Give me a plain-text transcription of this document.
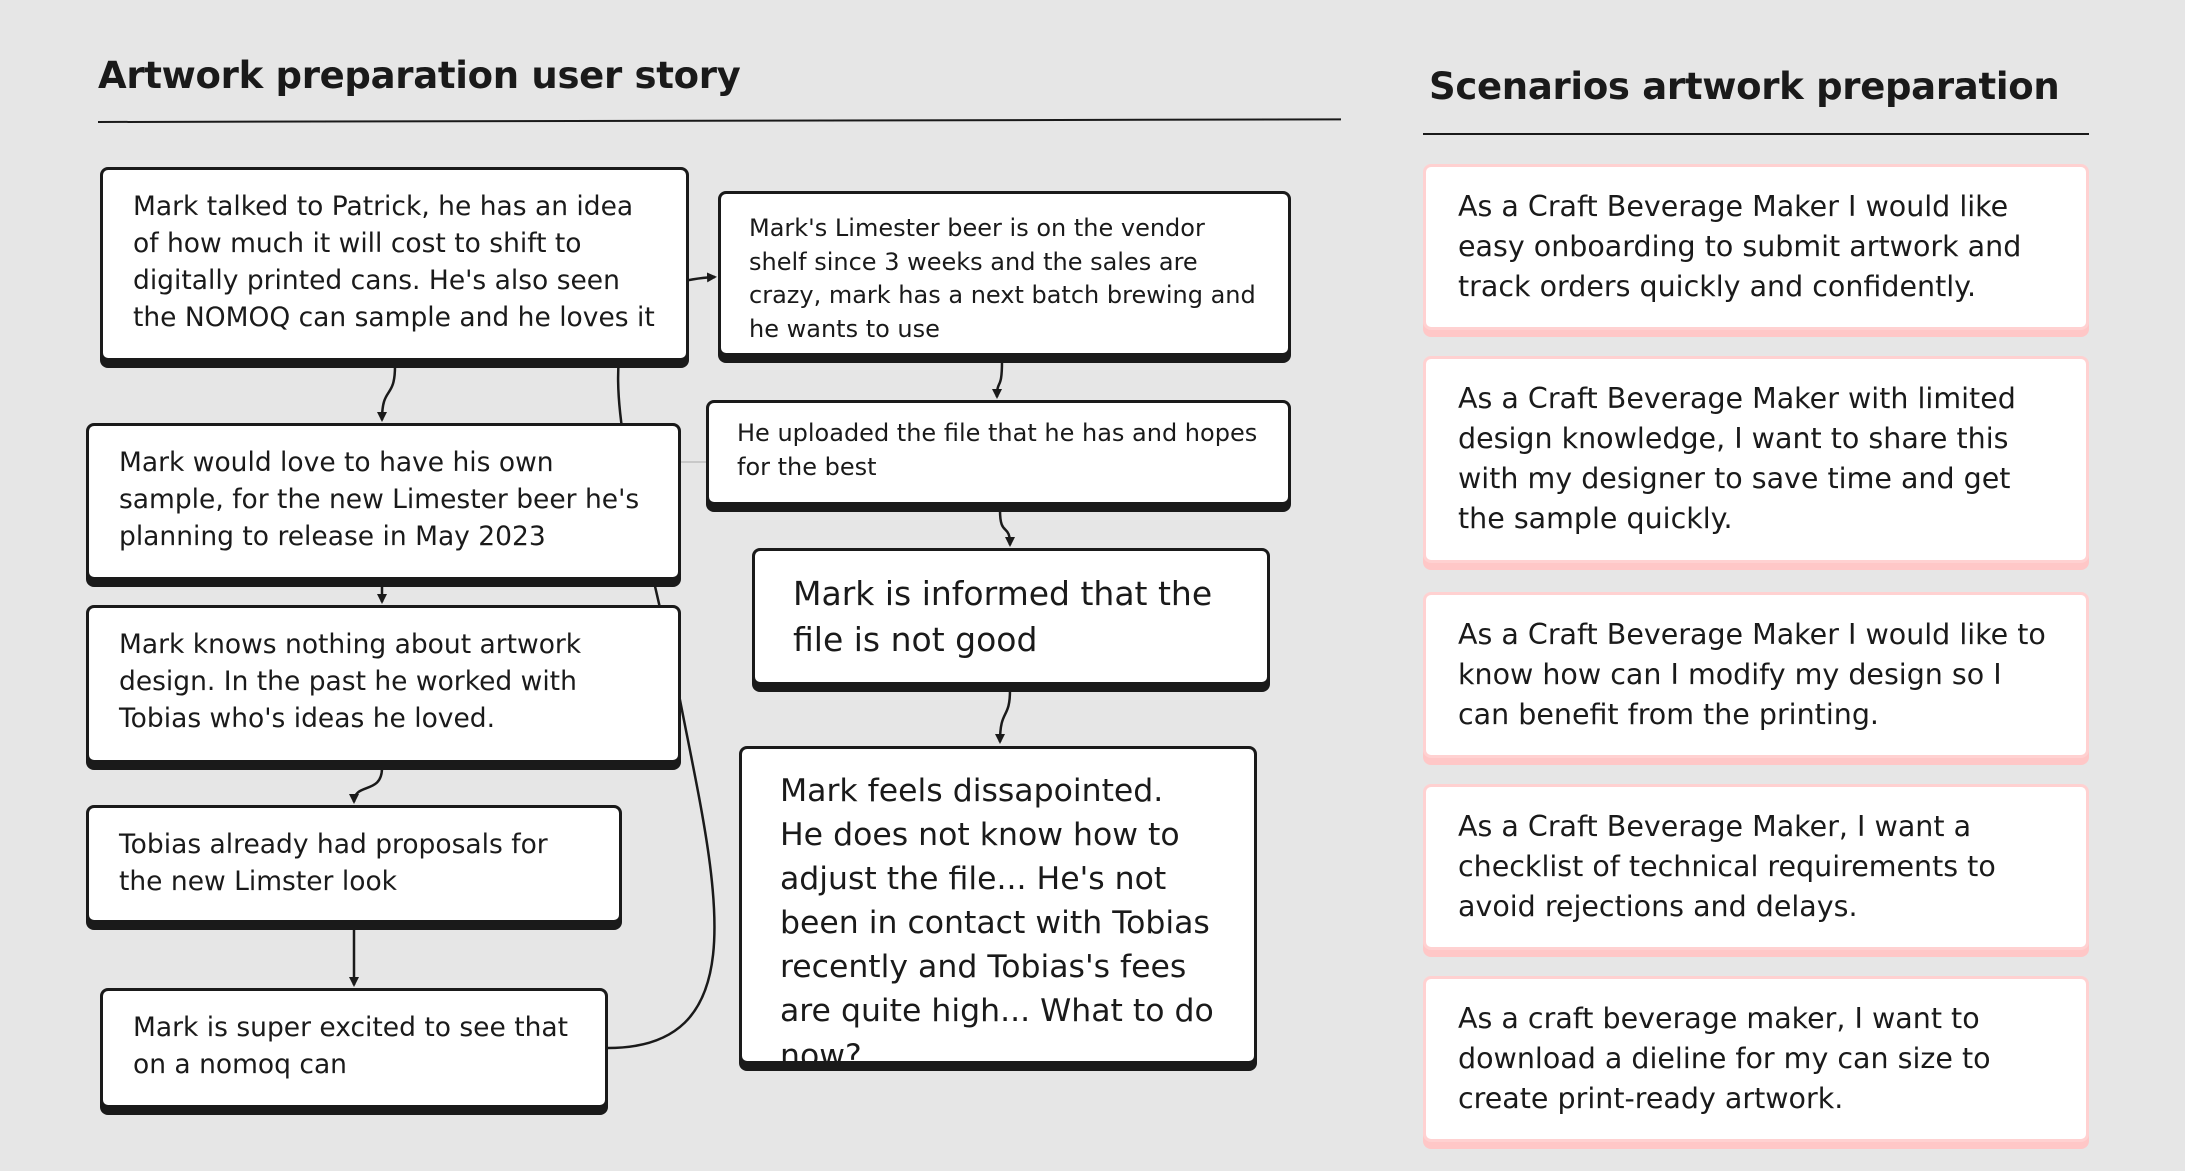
Artwork preparation user story	Scenarios artwork preparation
Mark talked to Patrick, he has an idea of how much it will cost to shift to digitally printed cans. He's also seen the NOMOQ can sample and he loves it
Mark would love to have his own sample, for the new Limester beer he's planning to release in May 2023
Mark knows nothing about artwork design. In the past he worked with Tobias who's ideas he loved.
Tobias already had proposals for the new Limster look
Mark is super excited to see that on a nomoq can
Mark's Limester beer is on the vendor shelf since 3 weeks and the sales are crazy, mark has a next batch brewing and he wants to use
He uploaded the file that he has and hopes for the best
Mark is informed that the file is not good
Mark feels dissapointed. He does not know how to adjust the file... He's not been in contact with Tobias recently and Tobias's fees are quite high... What to do now?
As a Craft Beverage Maker I would like easy onboarding to submit artwork and track orders quickly and confidently.
As a Craft Beverage Maker with limited design knowledge, I want to share this with my designer to save time and get the sample quickly.
As a Craft Beverage Maker I would like to know how can I modify my design so I can benefit from the printing.
As a Craft Beverage Maker, I want a checklist of technical requirements to avoid rejections and delays.
As a craft beverage maker, I want to download a dieline for my can size to create print-ready artwork.
